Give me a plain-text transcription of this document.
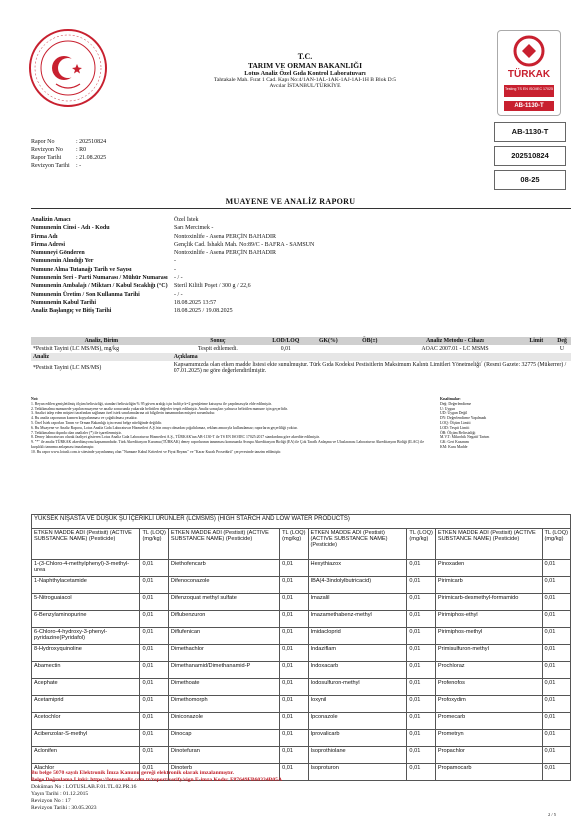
T.C.
TARIM VE ORMAN BAKANLIĞI
Lotus Analiz Özel Gıda Kontrol Laboratuvarı
Tahtakale Mah. Fırat 1 Cad. Kapı No:4/1AN-1AL-1AK-1AJ-1AI-1H B Blok D:5
Avcılar İSTANBUL/TÜRKİYE
TÜRKAK
Testing TS EN ISO/IEC 17025
AB-1130-T
AB-1130-T
202510824
08-25
Rapor No	: 202510824
Revizyon No : R0
Rapor Tarihi : 21.08.2025
Revizyon Tarihi : -
MUAYENE VE ANALİZ RAPORU
Analizin Amacı	Özel İstek
Numunenin Cinsi - Adı - Kodu	Sarı Mercimek -
Firma Adı	Nontoxinlife - Asena PERÇİN BAHADIR
Firma Adresi	Gençlik Cad. İshaklı Mah. No:89/C - BAFRA - SAMSUN
Numuneyi Gönderen	Nontoxinlife - Asena PERÇİN BAHADIR
Numunenin Alındığı Yer	-
Numune Alma Tutanağı Tarih ve Sayısı	-
Numunenin Seri - Parti Numarası / Mühür Numarası	- / -
Numunenin Ambalajı / Miktarı / Kabul Sıcaklığı (°C)	Steril Kilitli Poşet / 300 g / 22,6
Numunenin Üretim / Son Kullanma Tarihi	- / -
Numunenin Kabul Tarihi	18.08.2025 13:57
Analiz Başlangıç ve Bitiş Tarihi	18.08.2025 / 19.08.2025
Analiz, Birim	Sonuç	LOD/LOQ	GK(%)	ÖB(±)	Analiz Metodu - Cihazı	Limit	Değ
*Pestisit Tayini (LC MS/MS), mg/kg	Tespit edilemedi.	0,01			AOAC 2007.01 - LC MSMS		U
Analiz	Açıklama						
*Pestisit Tayini (LC MS/MS)	Kapsamımızda olan etken madde listesi ekte sunulmuştur. Türk Gıda Kodeksi Pestisitlerin Maksimum Kalıntı Limitleri Yönetmeliği´ (Resmi Gazete: 32775 (Mükerrer) / 07.01.2025) ne göre değerlendirilmiştir.						
Not:
1. Beyan edilen genişletilmiş ölçüm belirsizliği, standart belirsizliğin % 95 güven aralığı için hafifçe k=2 genişletme katsayısı ile çarpılmasıyla elde edilmiştir.
2. Tetkikmalma numunede yapılan muayene ve analiz sonucunda yukarıda belirtilen değerler tespit edilmiştir. Analiz sonuçları yalnızca belirtilen numune için geçerlidir.
3. Analizi talep eden müşteri tarafından sağlanan özel istek sınırlamalarına ait bilgilerin tamamından müşteri sorumludur.
4. Bu analiz raporunun kısmen kopyalanması ve çoğaltılması yasaktır.
5. Özel İstek raporları Tarım ve Orman Bakanlığı için resmi belge niteliğinde değildir.
6. Bu Muayene ve Analiz Raporu, Lotus Analiz Gıda Laboratuvar Hizmetleri A.Ş.'nin onayı olmadan çoğaltılamaz, reklam amacıyla kullanılamaz; raporların geçerliliği yoktur.
7. Tetkikmalma dışında olan analizler (*) ile işaretlenmiştir.
8. Deney laboratuvarı olarak faaliyet gösteren Lotus Analiz Gıda Laboratuvar Hizmetleri A.Ş., TÜRKAK'tan AB-1130-T ile TS EN ISO/IEC 17025:2017 standardına göre akredite edilmiştir.
9. "*" ile analiz TÜRKAK akreditasyonu kapsamındadır. Türk Akreditasyon Kurumu (TÜRKAK) deney raporlarının tanınması konusunda Avrupa Akreditasyon Birliği (EA) ile Çok Taraflı Anlaşma ve Uluslararası Laboratuvar Akreditasyon Birliği (ILAC) ile karşılıklı tanınma anlaşması imzalamıştır.
10. Bu rapor www.lotusli.com.tr sitesinde yayınlanmış olan "Numune Kabul Kriterleri ve Fiyat Beyanı" ve "Karar Kuralı Prosedürü" çerçevesinde tanzim edilmiştir.
Kısaltmalar:
Değ: Değerlendirme
U: Uygun
UD: Uygun Değil
DY: Değerlendirme Yapılmadı
LOQ: Ölçüm Limiti
LOD: Tespit Limiti
ÖB: Ölçüm Belirsizliği
M.V.T: Mikrobik Negatif Tartım
GK: Geri Kazanım
KM: Kuru Madde
YÜKSEK NİŞASTA VE DÜŞÜK ŞU İÇERİKLİ ÜRÜNLER (LCMSMS) (HIGH STARCH AND LOW WATER PRODUCTS)							
ETKEN MADDE ADI (Pestisit) (ACTIVE SUBSTANCE NAME) (Pesticide)	TL (LOQ) (mg/kg)	ETKEN MADDE ADI (Pestisit) (ACTIVE SUBSTANCE NAME) (Pesticide)	TL (LOQ) (mg/kg)	ETKEN MADDE ADI (Pestisit) (ACTIVE SUBSTANCE NAME) (Pesticide)	TL (LOQ) (mg/kg)	ETKEN MADDE ADI (Pestisit) (ACTIVE SUBSTANCE NAME) (Pesticide)	TL (LOQ) (mg/kg)
1-(3-Chloro-4-methylphenyl)-3-methyl-urea	0,01	Diethofencarb	0,01	Hexythiazox	0,01	Pinoxaden	0,01
1-Naphthylacetamide	0,01	Difenoconazole	0,01	IBA(4-3indolylbutricacid)	0,01	Pirimicarb	0,01
5-Nitroguaiacol	0,01	Difenzoquat methyl sulfate	0,01	Imazalil	0,01	Pirimicarb-desmethyl-formamido	0,01
6-Benzylaminopurine	0,01	Diflubenzuron	0,01	Imazamethabenz-methyl	0,01	Pirimiphos-ethyl	0,01
6-Chloro-4-hydroxy-3-phenyl-pyridazine(Pyridafol)	0,01	Diflufenican	0,01	Imidacloprid	0,01	Pirimiphos-methyl	0,01
8-Hydroxyquinoline	0,01	Dimethachlor	0,01	Indaziflam	0,01	Primisulfuron-methyl	0,01
Abamectin	0,01	Dimethanamid/Dimethanamid-P	0,01	Indoxacarb	0,01	Prochloraz	0,01
Acephate	0,01	Dimethoate	0,01	Iodosulfuron-methyl	0,01	Profenofos	0,01
Acetamiprid	0,01	Dimethomorph	0,01	Ioxynil	0,01	Profoxydim	0,01
Acetochlor	0,01	Diniconazole	0,01	Ipconazole	0,01	Promecarb	0,01
Acibenzolar-S-methyl	0,01	Dinocap	0,01	Iprovalicarb	0,01	Prometryn	0,01
Aclonifen	0,01	Dinotefuran	0,01	Isoprothiolane	0,01	Propachlor	0,01
Alachlor	0,01	Dinoterb	0,01	Isoproturon	0,01	Propamocarb	0,01
Bu belge 5070 sayılı Elektronik İmza Kanunu gereği elektronik olarak imzalanmıştır.
Belge Doğrulama Linki: https://lotusanaliz.com.tr/report/verify/sign E-imza Kodu: F87649FB60334B05A
Doküman No : LOTUSLAB.F.01.TL.02.PR.16
Yayın Tarihi : 01.12.2015
Revizyon No : 17
Revizyon Tarihi : 30.05.2023
2 / 5
